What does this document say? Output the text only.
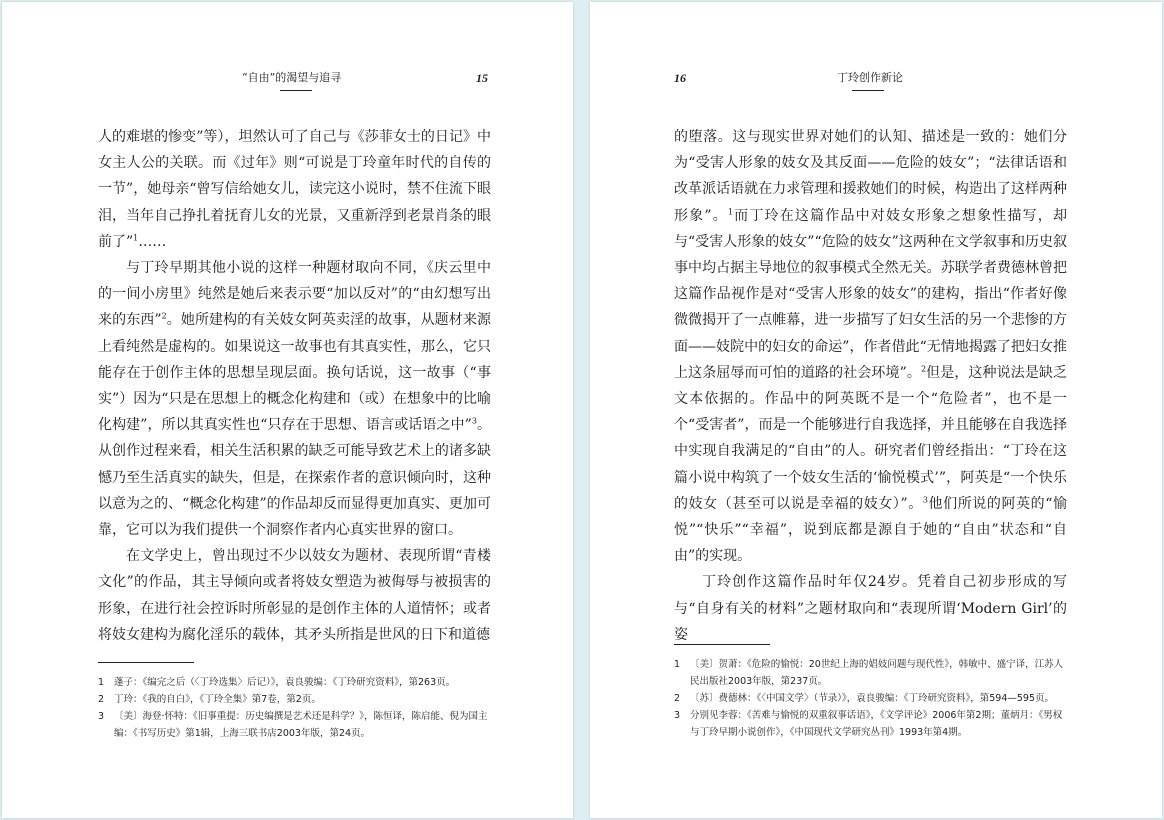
“自由”的渴望与追寻	15

人的难堪的惨变”等），坦然认可了自己与《莎菲女士的日记》中女主人公的关联。而《过年》则“可说是丁玲童年时代的自传的一节”，她母亲“曾写信给她女儿，读完这小说时，禁不住流下眼泪，当年自己挣扎着抚育儿女的光景，又重新浮到老景肖条的眼前了”$^1$……

与丁玲早期其他小说的这样一种题材取向不同，《庆云里中的一间小房里》纯然是她后来表示要“加以反对”的“由幻想写出来的东西”$^2$。她所建构的有关妓女阿英卖淫的故事，从题材来源上看纯然是虚构的。如果说这一故事也有其真实性，那么，它只能存在于创作主体的思想呈现层面。换句话说，这一故事（“事实”）因为“只是在思想上的概念化构建和（或）在想象中的比喻化构建”，所以其真实性也“只存在于思想、语言或话语之中”$^3$。从创作过程来看，相关生活积累的缺乏可能导致艺术上的诸多缺憾乃至生活真实的缺失，但是，在探索作者的意识倾向时，这种以意为之的、“概念化构建”的作品却反而显得更加真实、更加可靠，它可以为我们提供一个洞察作者内心真实世界的窗口。

在文学史上，曾出现过不少以妓女为题材、表现所谓“青楼文化”的作品，其主导倾向或者将妓女塑造为被侮辱与被损害的形象，在进行社会控诉时所彰显的是创作主体的人道情怀；或者将妓女建构为腐化淫乐的载体，其矛头所指是世风的日下和道德

1	蓬子：《编完之后（〈丁玲选集〉后记）》，袁良骏编：《丁玲研究资料》，第263页。
2	丁玲：《我的自白》，《丁玲全集》第7卷，第2页。
3	〔美〕海登·怀特：《旧事重提：历史编撰是艺术还是科学？》，陈恒译，陈启能、倪为国主编：《书写历史》第1辑，上海三联书店2003年版，第24页。
16	丁玲创作新论

的堕落。这与现实世界对她们的认知、描述是一致的：她们分为“受害人形象的妓女及其反面——危险的妓女”；“法律话语和改革派话语就在力求管理和援救她们的时候，构造出了这样两种形象”。$^1$而丁玲在这篇作品中对妓女形象之想象性描写，却与“受害人形象的妓女”“危险的妓女”这两种在文学叙事和历史叙事中均占据主导地位的叙事模式全然无关。苏联学者费德林曾把这篇作品视作是对“受害人形象的妓女”的建构，指出“作者好像微微揭开了一点帷幕，进一步描写了妇女生活的另一个悲惨的方面——妓院中的妇女的命运”，作者借此“无情地揭露了把妇女推上这条屈辱而可怕的道路的社会环境”。$^2$但是，这种说法是缺乏文本依据的。作品中的阿英既不是一个“危险者”，也不是一个“受害者”，而是一个能够进行自我选择，并且能够在自我选择中实现自我满足的“自由”的人。研究者们曾经指出：“丁玲在这篇小说中构筑了一个妓女生活的‘愉悦模式’”，阿英是“一个快乐的妓女（甚至可以说是幸福的妓女）”。$^3$他们所说的阿英的“愉悦”“快乐”“幸福”，说到底都是源自于她的“自由”状态和“自由”的实现。

丁玲创作这篇作品时年仅24岁。凭着自己初步形成的写与“自身有关的材料”之题材取向和“表现所谓‘Modern Girl’的姿

1	〔美〕贺萧：《危险的愉悦：20世纪上海的娼妓问题与现代性》，韩敏中、盛宁译，江苏人民出版社2003年版，第237页。
2	〔苏〕费德林：《〈中国文学〉（节录）》，袁良骏编：《丁玲研究资料》，第594—595页。
3	分别见李蓉：《苦难与愉悦的双重叙事话语》，《文学评论》2006年第2期；董炳月：《男权与丁玲早期小说创作》，《中国现代文学研究丛刊》1993年第4期。
